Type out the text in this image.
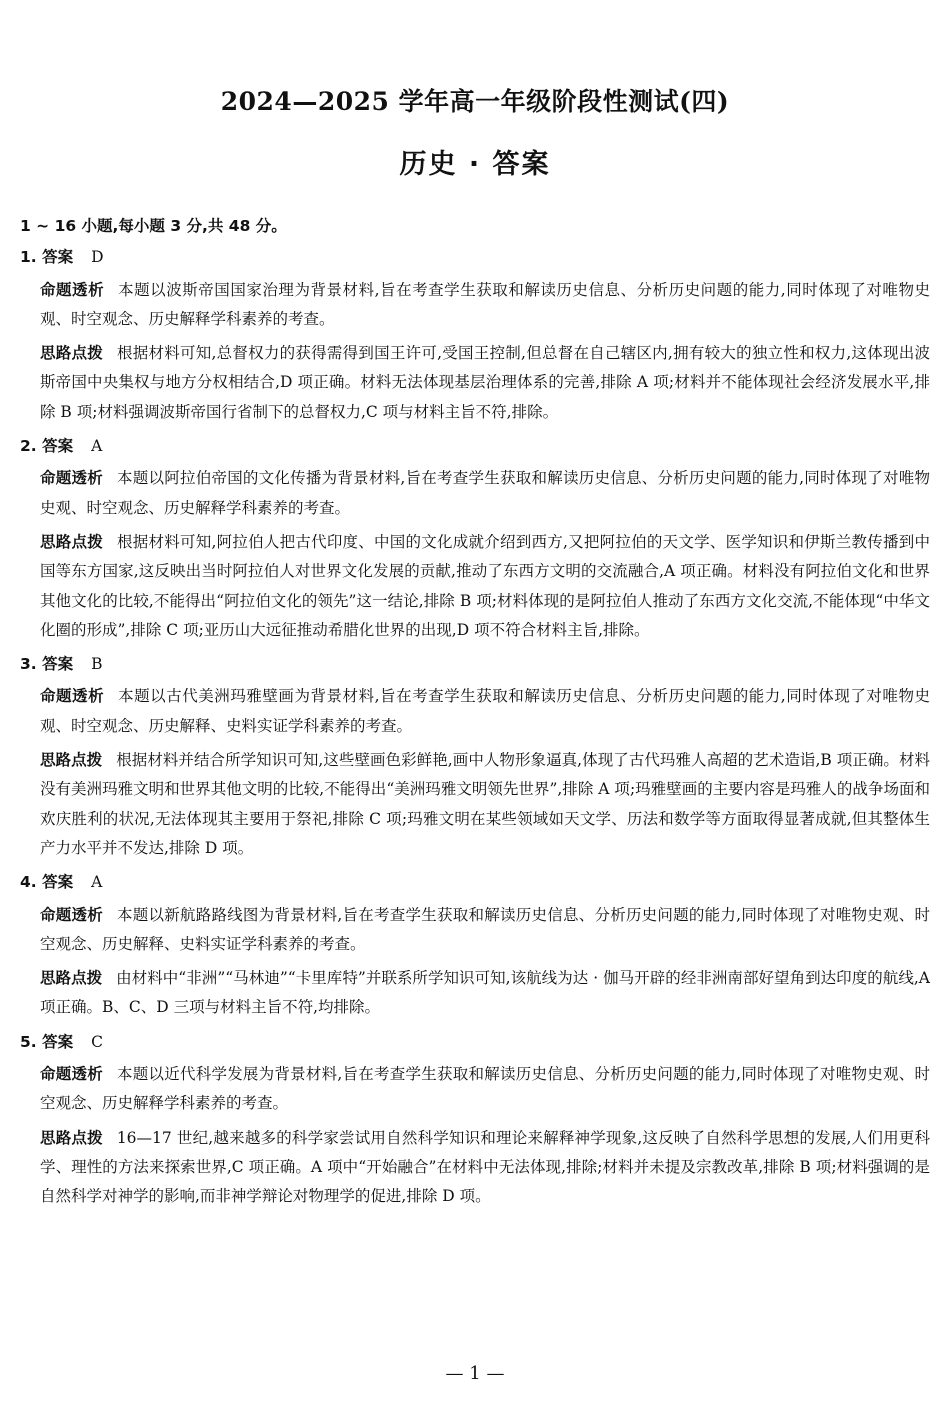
2024—2025 学年高一年级阶段性测试(四)
历史 · 答案
1 ~ 16 小题,每小题 3 分,共 48 分。
1. 答案 D
命题透析 本题以波斯帝国国家治理为背景材料,旨在考查学生获取和解读历史信息、分析历史问题的能力,同时体现了对唯物史观、时空观念、历史解释学科素养的考查。
思路点拨 根据材料可知,总督权力的获得需得到国王许可,受国王控制,但总督在自己辖区内,拥有较大的独立性和权力,这体现出波斯帝国中央集权与地方分权相结合,D 项正确。材料无法体现基层治理体系的完善,排除 A 项;材料并不能体现社会经济发展水平,排除 B 项;材料强调波斯帝国行省制下的总督权力,C 项与材料主旨不符,排除。
2. 答案 A
命题透析 本题以阿拉伯帝国的文化传播为背景材料,旨在考查学生获取和解读历史信息、分析历史问题的能力,同时体现了对唯物史观、时空观念、历史解释学科素养的考查。
思路点拨 根据材料可知,阿拉伯人把古代印度、中国的文化成就介绍到西方,又把阿拉伯的天文学、医学知识和伊斯兰教传播到中国等东方国家,这反映出当时阿拉伯人对世界文化发展的贡献,推动了东西方文明的交流融合,A 项正确。材料没有阿拉伯文化和世界其他文化的比较,不能得出“阿拉伯文化的领先”这一结论,排除 B 项;材料体现的是阿拉伯人推动了东西方文化交流,不能体现“中华文化圈的形成”,排除 C 项;亚历山大远征推动希腊化世界的出现,D 项不符合材料主旨,排除。
3. 答案 B
命题透析 本题以古代美洲玛雅壁画为背景材料,旨在考查学生获取和解读历史信息、分析历史问题的能力,同时体现了对唯物史观、时空观念、历史解释、史料实证学科素养的考查。
思路点拨 根据材料并结合所学知识可知,这些壁画色彩鲜艳,画中人物形象逼真,体现了古代玛雅人高超的艺术造诣,B 项正确。材料没有美洲玛雅文明和世界其他文明的比较,不能得出“美洲玛雅文明领先世界”,排除 A 项;玛雅壁画的主要内容是玛雅人的战争场面和欢庆胜利的状况,无法体现其主要用于祭祀,排除 C 项;玛雅文明在某些领域如天文学、历法和数学等方面取得显著成就,但其整体生产力水平并不发达,排除 D 项。
4. 答案 A
命题透析 本题以新航路路线图为背景材料,旨在考查学生获取和解读历史信息、分析历史问题的能力,同时体现了对唯物史观、时空观念、历史解释、史料实证学科素养的考查。
思路点拨 由材料中“非洲”“马林迪”“卡里库特”并联系所学知识可知,该航线为达 · 伽马开辟的经非洲南部好望角到达印度的航线,A 项正确。B、C、D 三项与材料主旨不符,均排除。
5. 答案 C
命题透析 本题以近代科学发展为背景材料,旨在考查学生获取和解读历史信息、分析历史问题的能力,同时体现了对唯物史观、时空观念、历史解释学科素养的考查。
思路点拨 16—17 世纪,越来越多的科学家尝试用自然科学知识和理论来解释神学现象,这反映了自然科学思想的发展,人们用更科学、理性的方法来探索世界,C 项正确。A 项中“开始融合”在材料中无法体现,排除;材料并未提及宗教改革,排除 B 项;材料强调的是自然科学对神学的影响,而非神学辩论对物理学的促进,排除 D 项。
— 1 —
